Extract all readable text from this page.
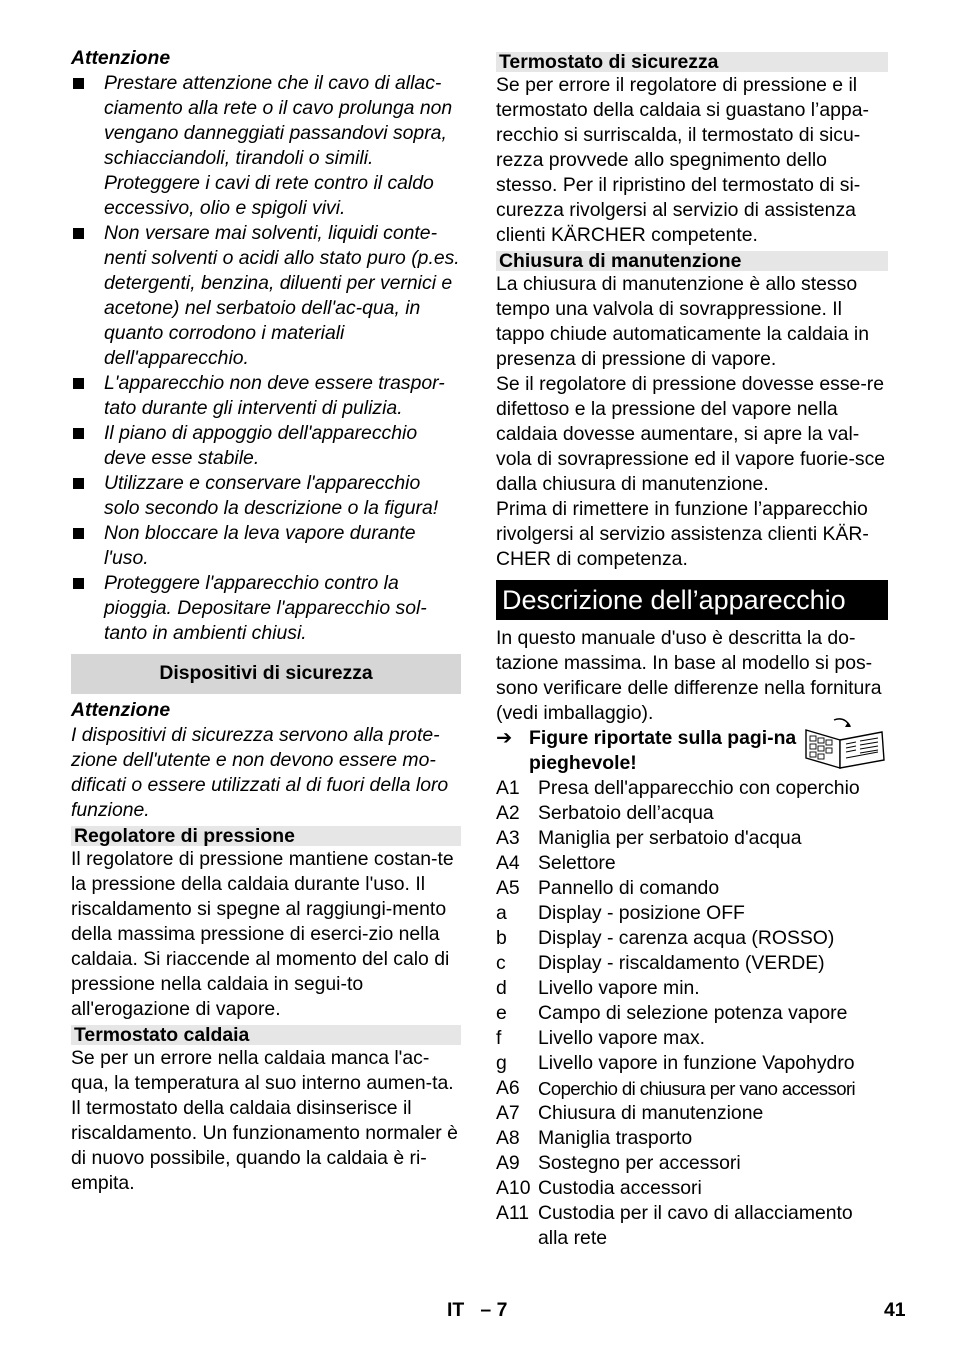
Attenzione

Prestare attenzione che il cavo di allac-ciamento alla rete o il cavo prolunga non vengano danneggiati passandovi sopra, schiacciandoli, tirandoli o simili. Proteggere i cavi di rete contro il caldo eccessivo, olio e spigoli vivi.
Non versare mai solventi, liquidi conte-nenti solventi o acidi allo stato puro (p.es. detergenti, benzina, diluenti per vernici e acetone) nel serbatoio dell'ac-qua, in quanto corrodono i materiali dell'apparecchio.
L'apparecchio non deve essere traspor-tato durante gli interventi di pulizia.
Il piano di appoggio dell'apparecchio deve esse stabile.
Utilizzare e conservare l'apparecchio solo secondo la descrizione o la figura!
Non bloccare la leva vapore durante l'uso.
Proteggere l'apparecchio contro la pioggia. Depositare l'apparecchio sol-tanto in ambienti chiusi.
Dispositivi di sicurezza

Attenzione

I dispositivi di sicurezza servono alla prote-zione dell'utente e non devono essere mo-dificati o essere utilizzati al di fuori della loro funzione.

Regolatore di pressione

Il regolatore di pressione mantiene costan-te la pressione della caldaia durante l'uso. Il riscaldamento si spegne al raggiungi-mento della massima pressione di eserci-zio nella caldaia. Si riaccende al momento del calo di pressione nella caldaia in segui-to all'erogazione di vapore.

Termostato caldaia

Se per un errore nella caldaia manca l'ac-qua, la temperatura al suo interno aumen-ta. Il termostato della caldaia disinserisce il riscaldamento. Un funzionamento normaler è di nuovo possibile, quando la caldaia è ri-empita.

Termostato di sicurezza

Se per errore il regolatore di pressione e il termostato della caldaia si guastano l’appa-recchio si surriscalda, il termostato di sicu-rezza provvede allo spegnimento dello stesso. Per il ripristino del termostato di si-curezza rivolgersi al servizio di assistenza clienti KÄRCHER competente.

Chiusura di manutenzione

La chiusura di manutenzione è allo stesso tempo una valvola di sovrappressione. Il tappo chiude automaticamente la caldaia in presenza di pressione di vapore.

Se il regolatore di pressione dovesse esse-re difettoso e la pressione del vapore nella caldaia dovesse aumentare, si apre la val-vola di sovrapressione ed il vapore fuorie-sce dalla chiusura di manutenzione.

Prima di rimettere in funzione l’apparecchio rivolgersi al servizio assistenza clienti KÄR-CHER di competenza.

Descrizione dell’apparecchio

In questo manuale d'uso è descritta la do-tazione massima. In base al modello si pos-sono verificare delle differenze nella fornitura (vedi imballaggio).

➔ Figure riportate sulla pagi-na pieghevole!
A1 Presa dell'apparecchio con coperchio
A2 Serbatoio dell’acqua
A3 Maniglia per serbatoio d'acqua
A4 Selettore
A5 Pannello di comando
a	Display - posizione OFF
b	Display - carenza acqua (ROSSO)
c	Display - riscaldamento (VERDE)
d	Livello vapore min.
e	Campo di selezione potenza vapore
f	Livello vapore max.
g	Livello vapore in funzione Vapohydro
A6 Coperchio di chiusura per vano accessori
A7 Chiusura di manutenzione
A8 Maniglia trasporto
A9 Sostegno per accessori
A10 Custodia accessori
A11 Custodia per il cavo di allacciamento alla rete
IT   – 7	41
